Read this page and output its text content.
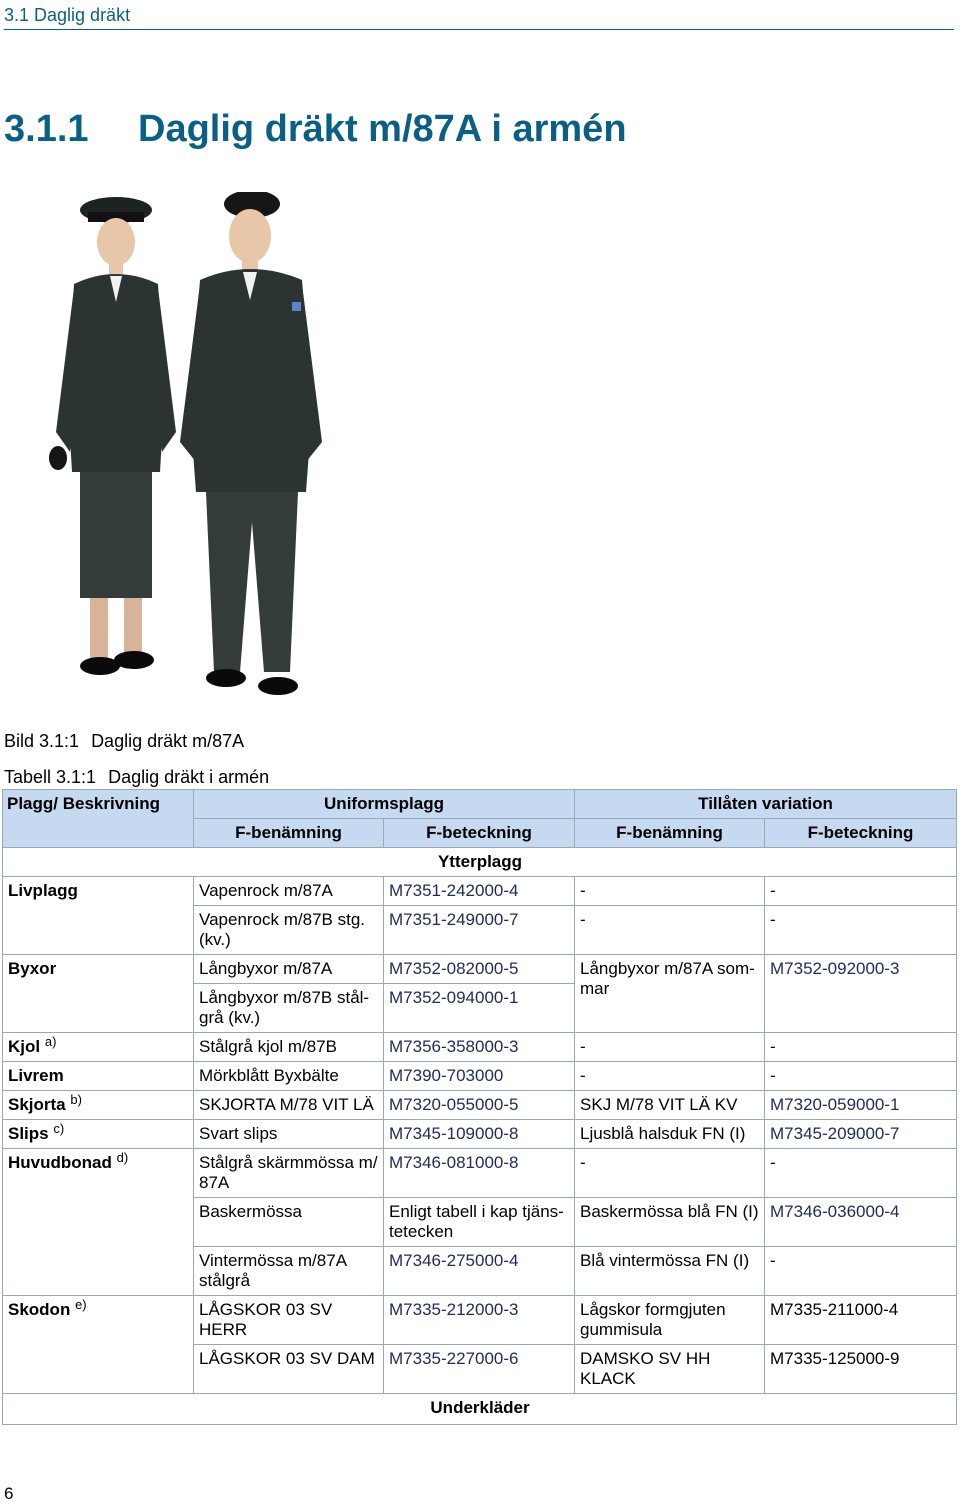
3.1 Daglig dräkt
3.1.1 Daglig dräkt m/87A i armén
Bild 3.1:1 Daglig dräkt m/87A
Tabell 3.1:1 Daglig dräkt i armén
Plagg/ Beskrivning	Uniformsplagg		Tillåten variation	
	F-benämning	F-beteckning	F-benämning	F-beteckning
Ytterplagg				
Livplagg	Vapenrock m/87A	M7351-242000-4	-	-
	Vapenrock m/87B stg. (kv.)	M7351-249000-7	-	-
Byxor	Långbyxor m/87A	M7352-082000-5	Långbyxor m/87A sommar	M7352-092000-3
	Långbyxor m/87B stålgrå (kv.)	M7352-094000-1		
Kjol $^{a)}$	Stålgrå kjol m/87B	M7356-358000-3	-	-
Livrem	Mörkblått Byxbälte	M7390-703000	-	-
Skjorta $^{b)}$	SKJORTA M/78 VIT LÄ	M7320-055000-5	SKJ M/78 VIT LÄ KV	M7320-059000-1
Slips $^{c)}$	Svart slips	M7345-109000-8	Ljusblå halsduk FN (I)	M7345-209000-7
Huvudbonad $^{d)}$	Stålgrå skärmmössa m/ 87A	M7346-081000-8	-	-
	Baskermössa	Enligt tabell i kap tjänstetecken	Baskermössa blå FN (I)	M7346-036000-4
	Vintermössa m/87A stålgrå	M7346-275000-4	Blå vintermössa FN (I)	-
Skodon $^{e)}$	LÅGSKOR 03 SV HERR	M7335-212000-3	Lågskor formgjuten gummisula	M7335-211000-4
	LÅGSKOR 03 SV DAM	M7335-227000-6	DAMSKO SV HH KLACK	M7335-125000-9
Underkläder				
6
